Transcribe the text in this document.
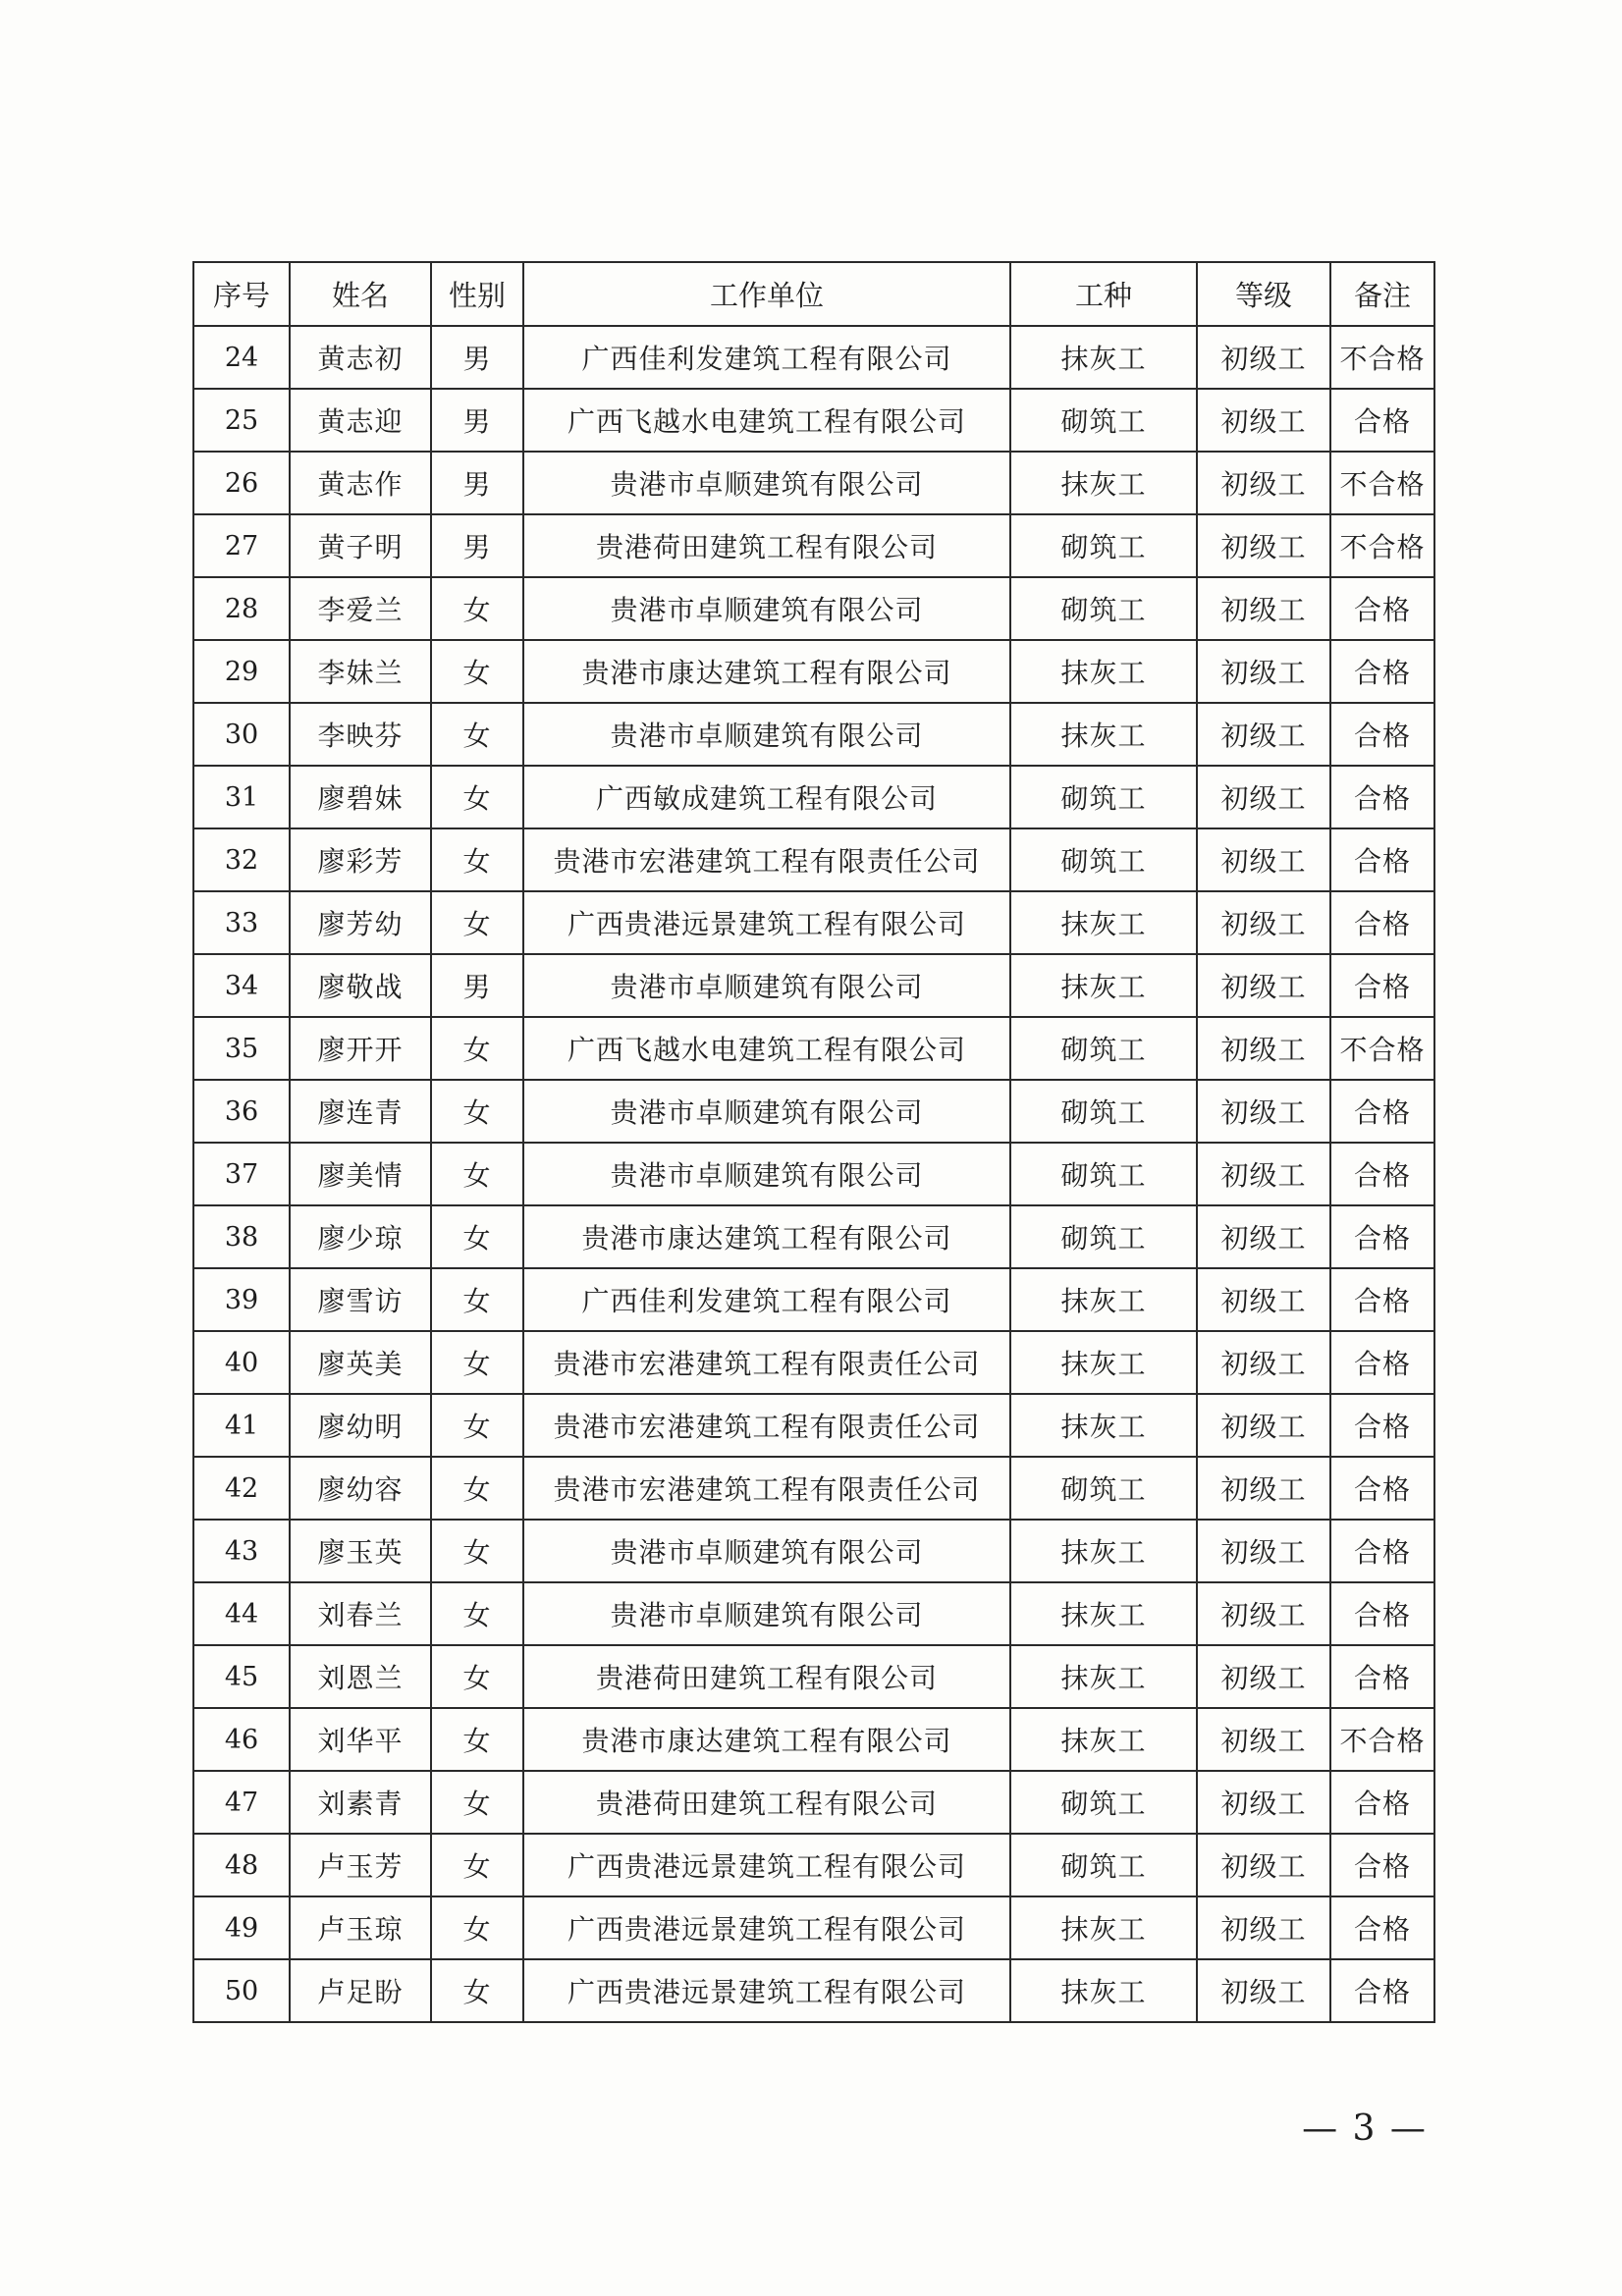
序号	姓名	性别	工作单位	工种	等级	备注
24	黄志初	男	广西佳利发建筑工程有限公司	抹灰工	初级工	不合格
25	黄志迎	男	广西飞越水电建筑工程有限公司	砌筑工	初级工	合格
26	黄志作	男	贵港市卓顺建筑有限公司	抹灰工	初级工	不合格
27	黄子明	男	贵港荷田建筑工程有限公司	砌筑工	初级工	不合格
28	李爱兰	女	贵港市卓顺建筑有限公司	砌筑工	初级工	合格
29	李妹兰	女	贵港市康达建筑工程有限公司	抹灰工	初级工	合格
30	李映芬	女	贵港市卓顺建筑有限公司	抹灰工	初级工	合格
31	廖碧妹	女	广西敏成建筑工程有限公司	砌筑工	初级工	合格
32	廖彩芳	女	贵港市宏港建筑工程有限责任公司	砌筑工	初级工	合格
33	廖芳幼	女	广西贵港远景建筑工程有限公司	抹灰工	初级工	合格
34	廖敬战	男	贵港市卓顺建筑有限公司	抹灰工	初级工	合格
35	廖开开	女	广西飞越水电建筑工程有限公司	砌筑工	初级工	不合格
36	廖连青	女	贵港市卓顺建筑有限公司	砌筑工	初级工	合格
37	廖美情	女	贵港市卓顺建筑有限公司	砌筑工	初级工	合格
38	廖少琼	女	贵港市康达建筑工程有限公司	砌筑工	初级工	合格
39	廖雪访	女	广西佳利发建筑工程有限公司	抹灰工	初级工	合格
40	廖英美	女	贵港市宏港建筑工程有限责任公司	抹灰工	初级工	合格
41	廖幼明	女	贵港市宏港建筑工程有限责任公司	抹灰工	初级工	合格
42	廖幼容	女	贵港市宏港建筑工程有限责任公司	砌筑工	初级工	合格
43	廖玉英	女	贵港市卓顺建筑有限公司	抹灰工	初级工	合格
44	刘春兰	女	贵港市卓顺建筑有限公司	抹灰工	初级工	合格
45	刘恩兰	女	贵港荷田建筑工程有限公司	抹灰工	初级工	合格
46	刘华平	女	贵港市康达建筑工程有限公司	抹灰工	初级工	不合格
47	刘素青	女	贵港荷田建筑工程有限公司	砌筑工	初级工	合格
48	卢玉芳	女	广西贵港远景建筑工程有限公司	砌筑工	初级工	合格
49	卢玉琼	女	广西贵港远景建筑工程有限公司	抹灰工	初级工	合格
50	卢足盼	女	广西贵港远景建筑工程有限公司	抹灰工	初级工	合格
— 3 —
